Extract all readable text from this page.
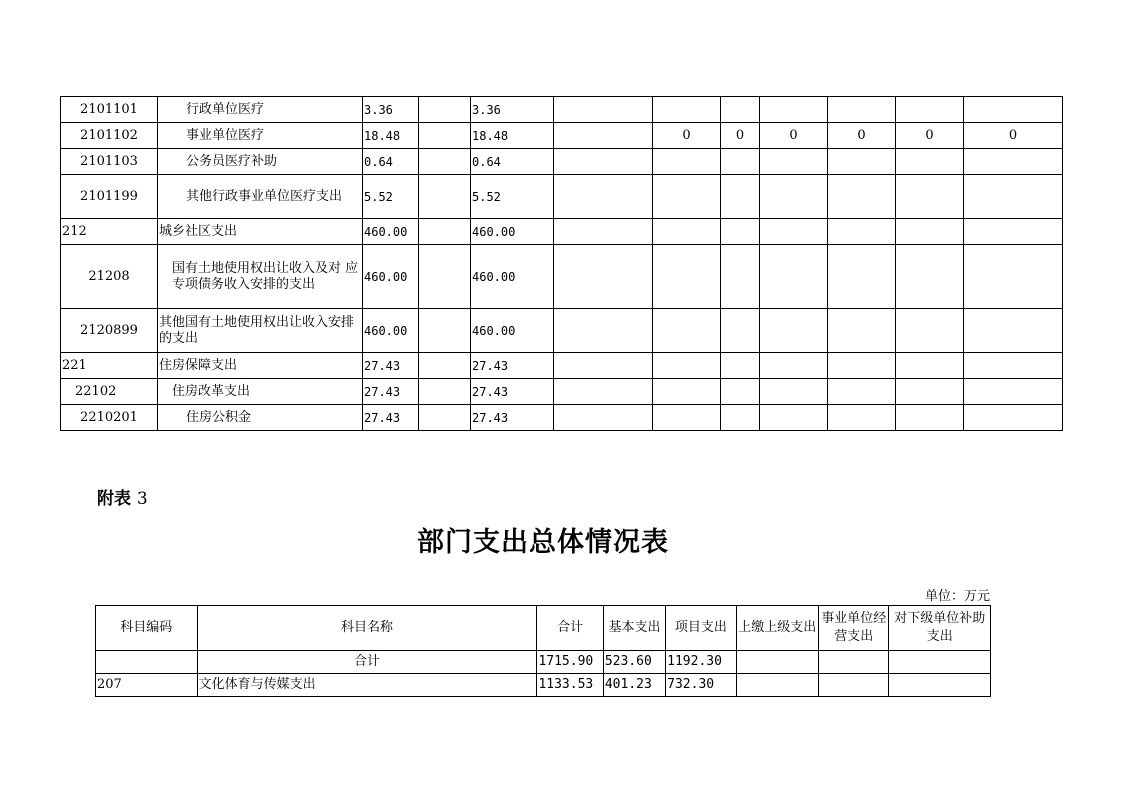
2101101	行政单位医疗	3.36		3.36							
2101102	事业单位医疗	18.48		18.48		0	0	0	0	0	0
2101103	公务员医疗补助	0.64		0.64							
2101199	其他行政事业单位医疗支出	5.52		5.52							
212	城乡社区支出	460.00		460.00							
21208	国有土地使用权出让收入及对 应专项债务收入安排的支出	460.00		460.00							
2120899	其他国有土地使用权出让收入安排的支出	460.00		460.00							
221	住房保障支出	27.43		27.43							
22102	住房改革支出	27.43		27.43							
2210201	住房公积金	27.43		27.43							
附表 3
部门支出总体情况表
单位：万元
科目编码	科目名称	合计	基本支出	项目支出	上缴上级支出	事业单位经营支出	对下级单位补助支出
	合计	1715.90	523.60	1192.30			
207	文化体育与传媒支出	1133.53	401.23	732.30			
